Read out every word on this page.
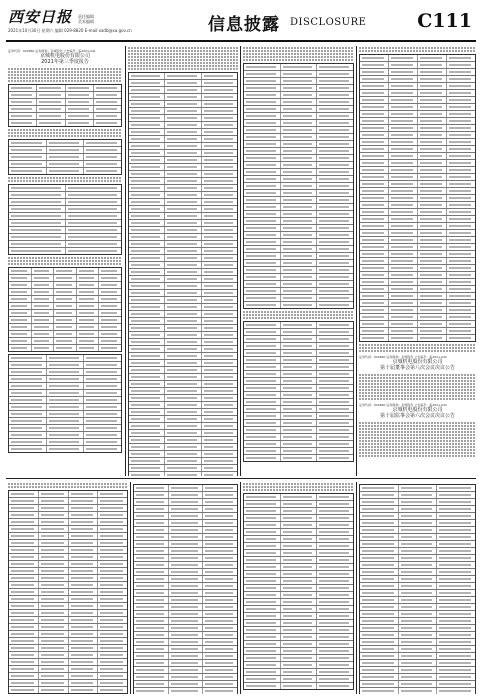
西安日报 责任编辑
美术编辑
2021年10月30日 星期六 编辑 029-8820 E-mail:xadb@xa.gov.cn	信息披露 DISCLOSURE	C111
证券代码：600860 证券简称：京城股份 公告编号：临2021-041
京城机电股份有限公司
2021年第三季度报告
证券代码：600860 证券简称：京城股份 公告编号：临2021-042
京城机电股份有限公司
第十届董事会第八次会议决议公告
证券代码：600860 证券简称：京城股份 公告编号：临2021-043
京城机电股份有限公司
第十届监事会第六次会议决议公告
